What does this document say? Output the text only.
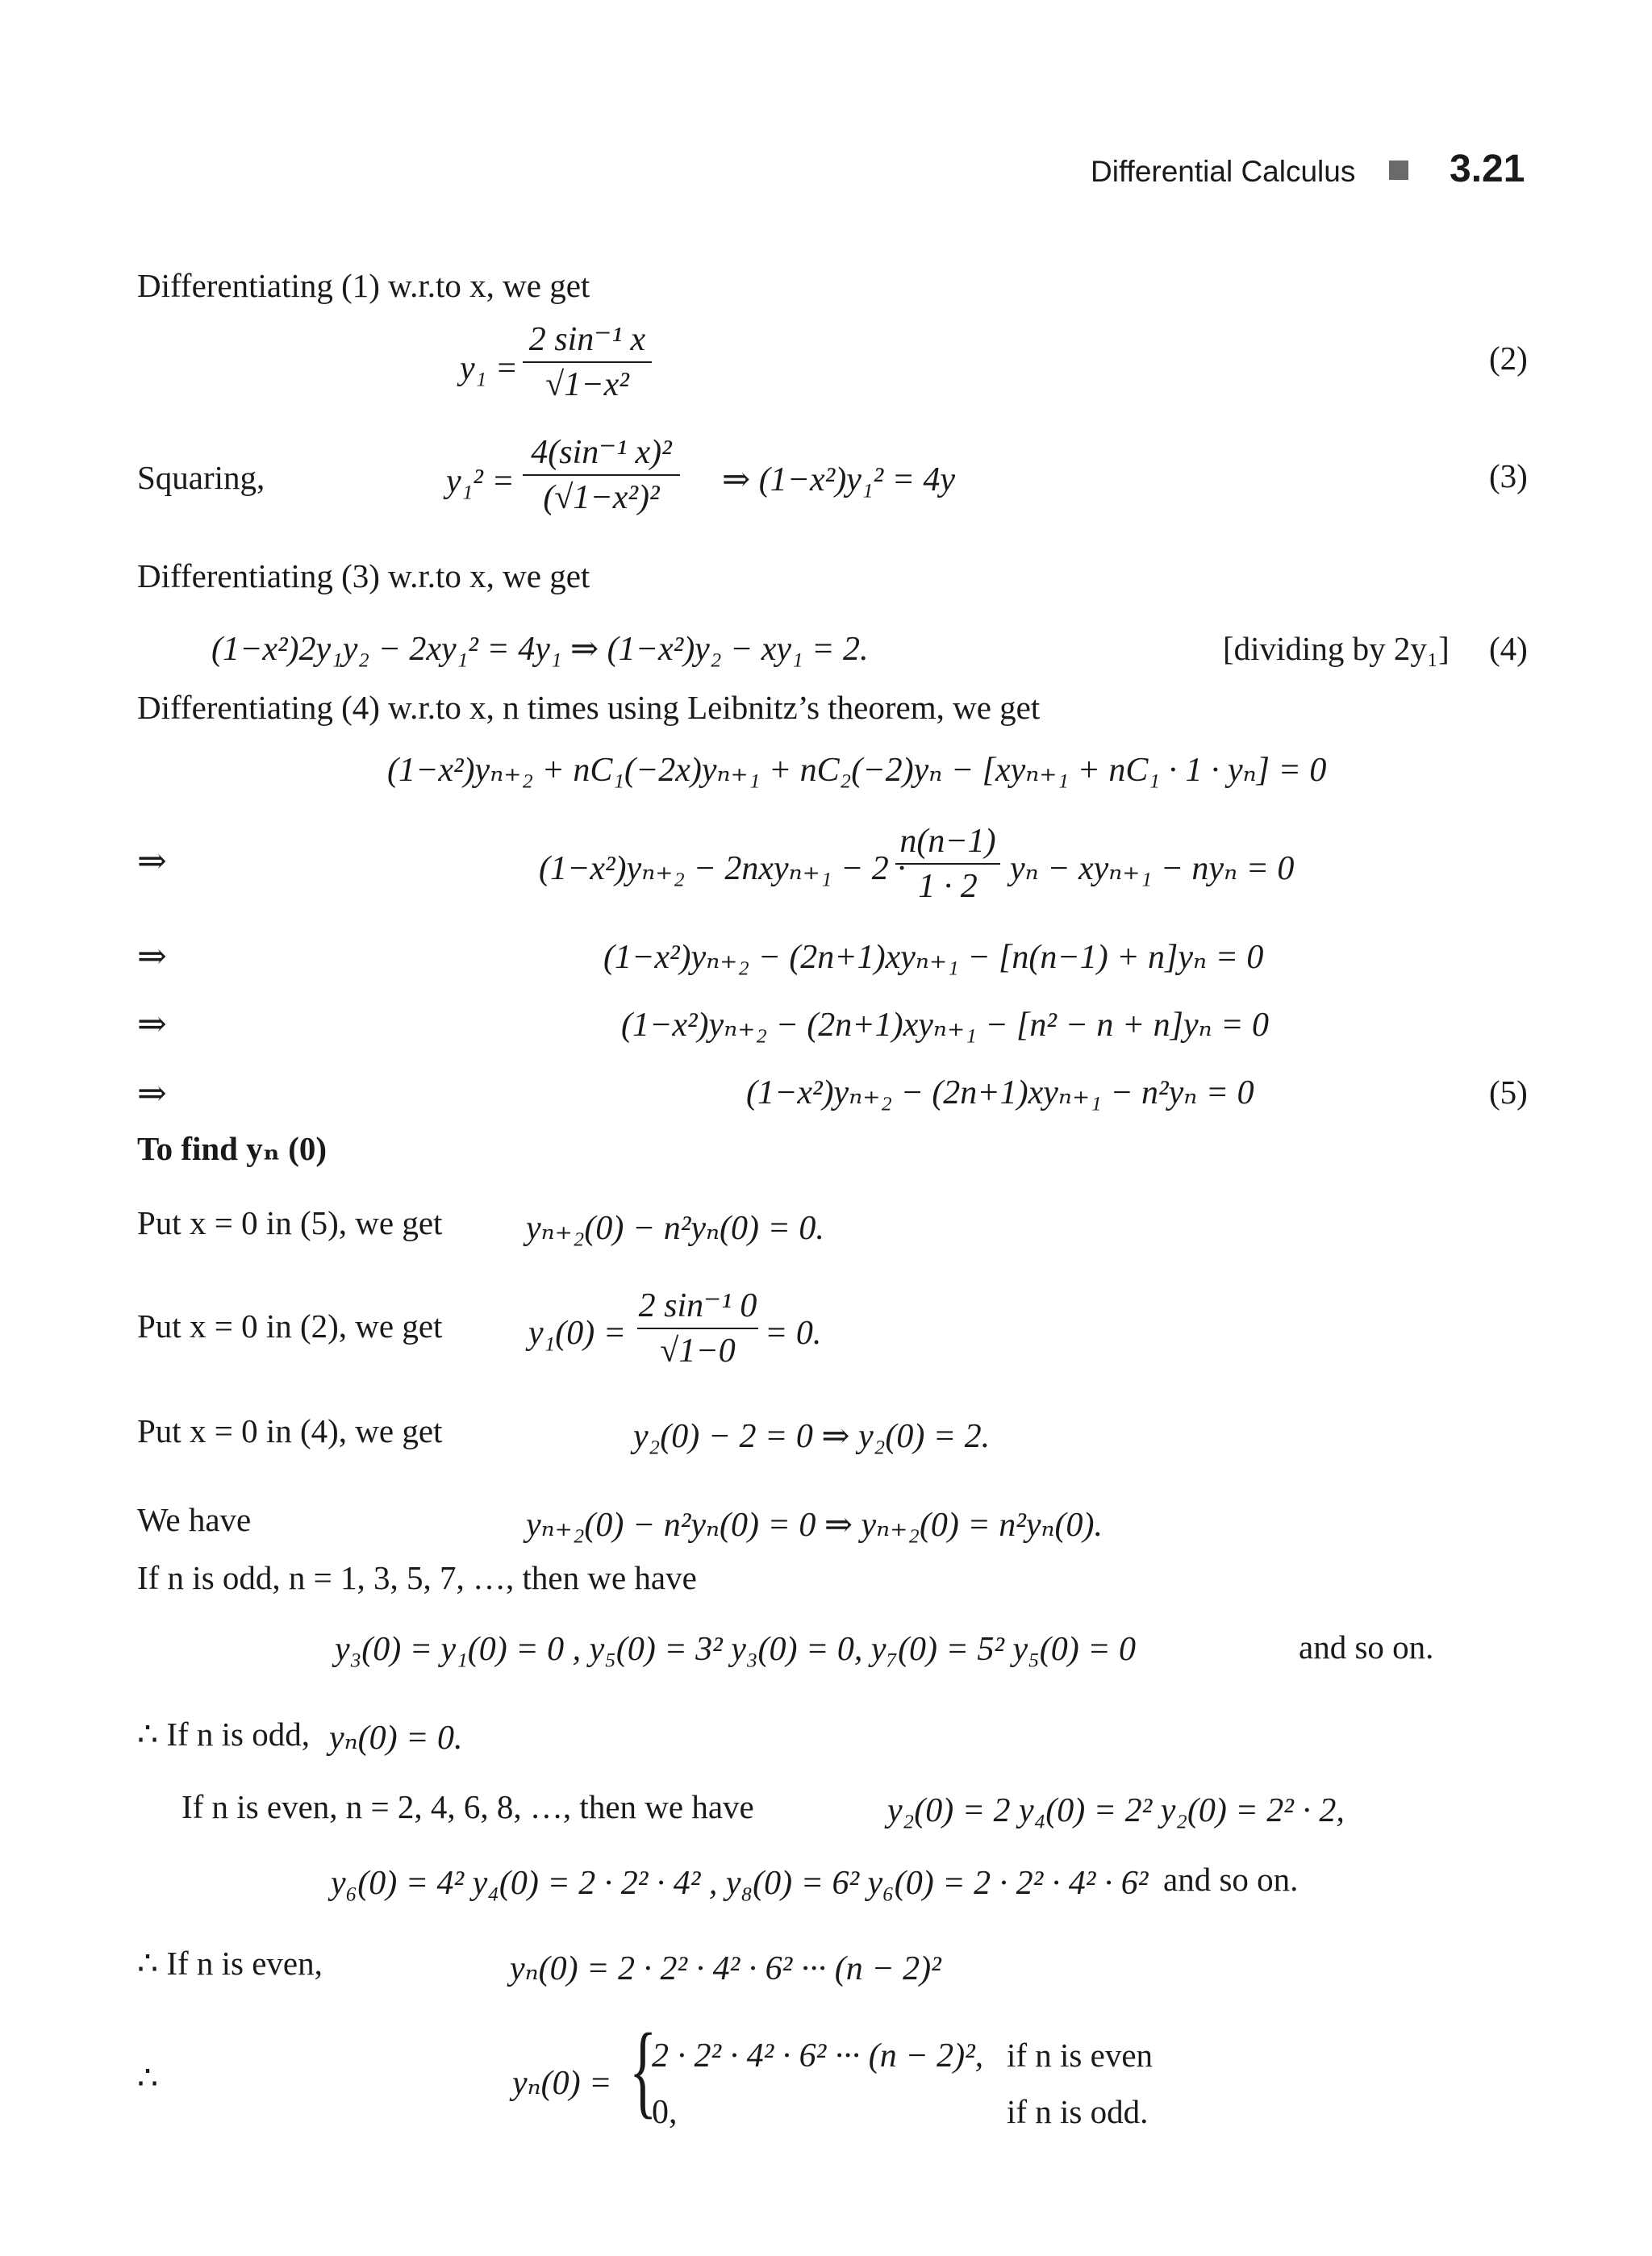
Differential Calculus 3.21
Differentiating (1) w.r.to x, we get
$y_1 = \frac{\text{2 sin⁻¹ x}}{\text{√1−x²}}$	(2)
Squaring,	$y_1^2 = \frac{\text{4(sin⁻¹ x)²}}{\text{(√1−x²)²}}$ ⇒ (1−x²)y₁² = 4y	(3)
Differentiating (3) w.r.to x, we get
(1−x²)2y₁y₂ − 2xy₁² = 4y₁ ⇒ (1−x²)y₂ − xy₁ = 2.	[dividing by 2y₁] (4)
Differentiating (4) w.r.to x, n times using Leibnitz’s theorem, we get
(1−x²)yₙ₊₂ + nC₁(−2x)yₙ₊₁ + nC₂(−2)yₙ − [xyₙ₊₁ + nC₁ · 1 · yₙ] = 0
⇒	(1−x²)yₙ₊₂ − 2nxyₙ₊₁ − 2 ·
$\frac{n(n-1)}{1 \cdot 2}$ yₙ − xyₙ₊₁ − nyₙ = 0
⇒	(1−x²)yₙ₊₂ − (2n+1)xyₙ₊₁ − [n(n−1) + n]yₙ = 0
⇒	(1−x²)yₙ₊₂ − (2n+1)xyₙ₊₁ − [n² − n + n]yₙ = 0
⇒	(1−x²)yₙ₊₂ − (2n+1)xyₙ₊₁ − n²yₙ = 0	(5)
To find yₙ (0)
Put x = 0 in (5), we get yₙ₊₂(0) − n²yₙ(0) = 0.
Put x = 0 in (2), we get	$y_1(0) = \frac{\text{2 sin⁻¹ 0}}{√1-0} = 0$.
Put x = 0 in (4), we get	y₂(0) − 2 = 0 ⇒ y₂(0) = 2.
We have	yₙ₊₂(0) − n²yₙ(0) = 0 ⇒ yₙ₊₂(0) = n²yₙ(0).
If n is odd, n = 1, 3, 5, 7, …, then we have
y₃(0) = y₁(0) = 0 , y₅(0) = 3² y₃(0) = 0, y₇(0) = 5² y₅(0) = 0	and so on.
∴ If n is odd, yₙ(0) = 0.
If n is even, n = 2, 4, 6, 8, …, then we have	y₂(0) = 2 y₄(0) = 2² y₂(0) = 2² · 2,
y₆(0) = 4² y₄(0) = 2 · 2² · 4² , y₈(0) = 6² y₆(0) = 2 · 2² · 4² · 6² and so on.
∴ If n is even,	yₙ(0) = 2 · 2² · 4² · 6² ··· (n − 2)²
∴	yₙ(0) = {
2 · 2² · 4² · 6² ··· (n − 2)², if n is even
0,	if n is odd.
